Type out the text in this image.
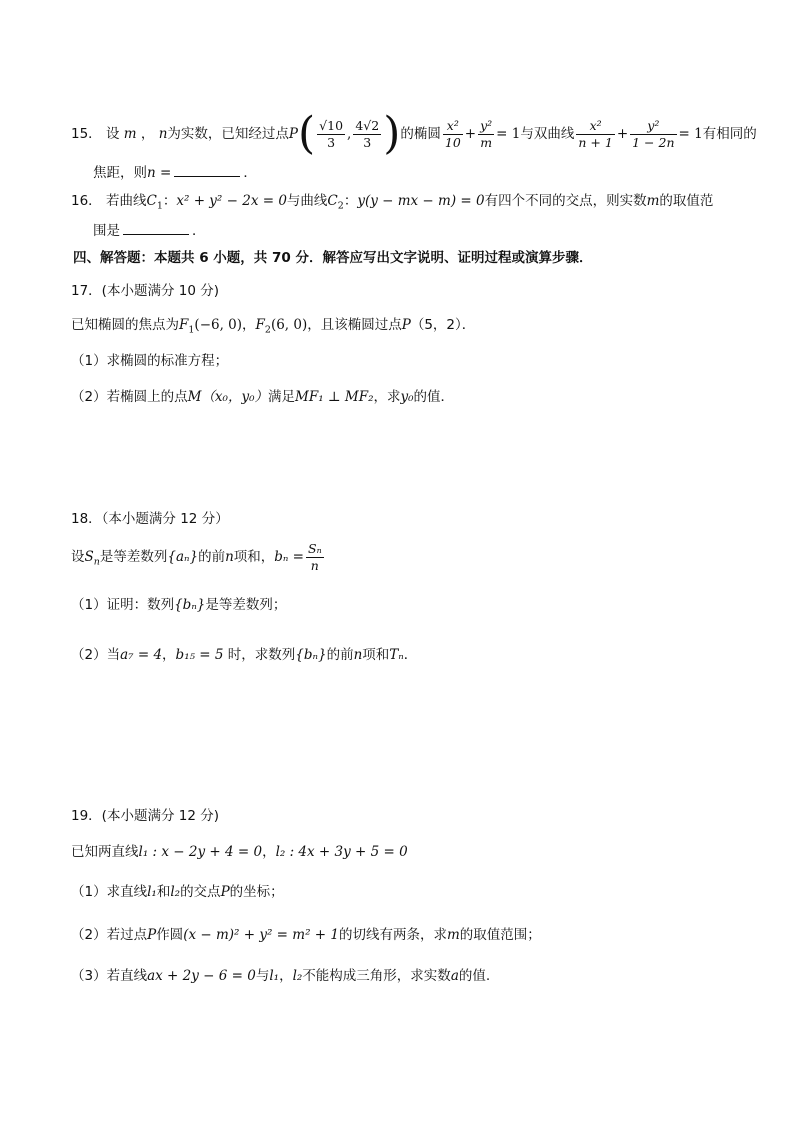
15． 设 m ， n为实数，已知经过点$P( \frac{√10}{3}$ , $\frac{4√2}{3}$ )的椭圆 $\frac{\text{x²}}{10} + \frac{\text{y²}}{m} = 1$与双曲线 $\frac{\text{x²}}{n + 1} + \frac{\text{y²}}{1 - 2n} = 1$有相同的
焦距，则n =	．
16． 若曲线$C_1$：x² + y² − 2x = 0与曲线$C_2$：y(y − mx − m) = 0有四个不同的交点，则实数m的取值范
围是	．
四、解答题：本题共 6 小题，共 70 分．解答应写出文字说明、证明过程或演算步骤．
17．(本小题满分 10 分)
已知椭圆的焦点为$F_1(-6$, 0)，$F_2(6$, 0)，且该椭圆过点P（5，2）．
（1）求椭圆的标准方程；
（2）若椭圆上的点M（x₀，y₀）满足MF₁ ⊥ MF₂，求y₀的值．
18．（本小题满分 12 分）
设$S_n$是等差数列{aₙ}的前n项和，$b_n = \frac{\text{Sₙ}}{n}$
（1）证明：数列{bₙ}是等差数列；
（2）当a₇ = 4，b₁₅ = 5 时，求数列{bₙ}的前n项和Tₙ．
19．(本小题满分 12 分)
已知两直线l₁ : x − 2y + 4 = 0，l₂ : 4x + 3y + 5 = 0
（1）求直线l₁和l₂的交点P的坐标；
（2）若过点P作圆(x − m)² + y² = m² + 1的切线有两条，求m的取值范围；
（3）若直线ax + 2y − 6 = 0与l₁，l₂不能构成三角形，求实数a的值.
